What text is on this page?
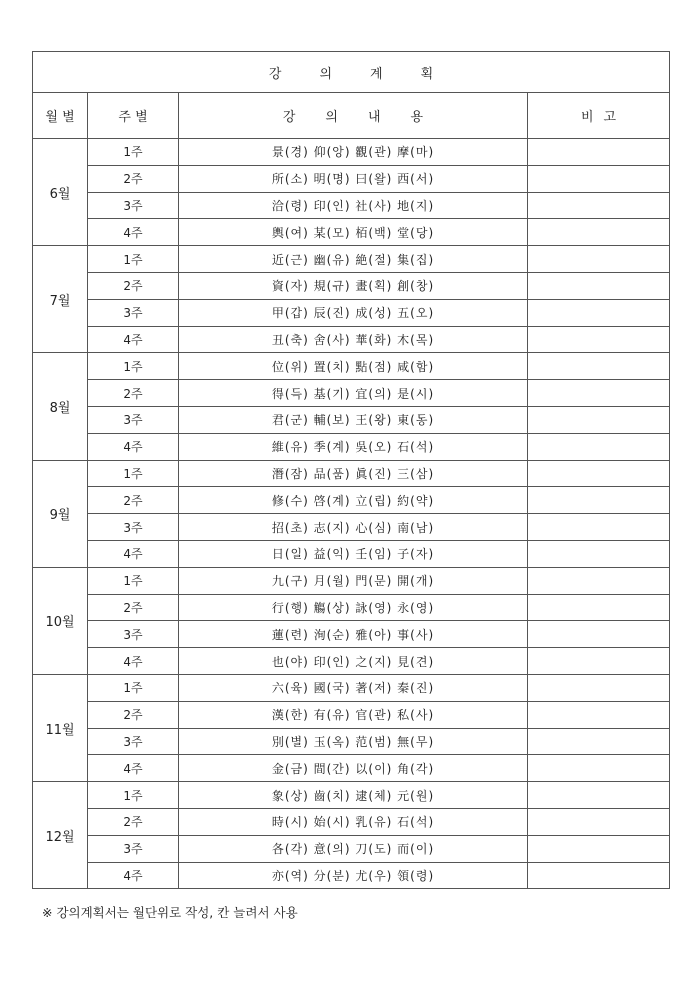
강의계획			
월 별	주 별	강의내용	비고
6월	1주	景(경) 仰(앙) 觀(관) 摩(마)	
	2주	所(소) 明(명) 曰(왈) 西(서)	
	3주	洽(령) 印(인) 社(사) 地(지)	
	4주	輿(여) 某(모) 栢(백) 堂(당)	
7월	1주	近(근) 幽(유) 絶(절) 集(집)	
	2주	資(자) 規(규) 畫(획) 創(창)	
	3주	甲(갑) 辰(진) 成(성) 五(오)	
	4주	丑(축) 舍(사) 華(화) 木(목)	
8월	1주	位(위) 置(치) 點(점) 咸(함)	
	2주	得(득) 基(기) 宜(의) 是(시)	
	3주	君(군) 輔(보) 王(왕) 東(동)	
	4주	維(유) 季(계) 吳(오) 石(석)	
9월	1주	潛(잠) 品(품) 眞(진) 三(삼)	
	2주	修(수) 啓(계) 立(립) 約(약)	
	3주	招(초) 志(지) 心(심) 南(남)	
	4주	日(일) 益(익) 壬(임) 子(자)	
10월	1주	九(구) 月(월) 門(문) 開(개)	
	2주	行(행) 觴(상) 詠(영) 永(영)	
	3주	蓮(련) 洵(순) 雅(아) 事(사)	
	4주	也(야) 印(인) 之(지) 見(견)	
11월	1주	六(육) 國(국) 著(저) 秦(진)	
	2주	漢(한) 有(유) 官(관) 私(사)	
	3주	別(별) 玉(옥) 范(범) 無(무)	
	4주	金(금) 間(간) 以(이) 角(각)	
12월	1주	象(상) 齒(치) 逮(체) 元(원)	
	2주	時(시) 始(시) 乳(유) 石(석)	
	3주	各(각) 意(의) 刀(도) 而(이)	
	4주	亦(역) 分(분) 尤(우) 領(령)	
※ 강의계획서는 월단위로 작성, 칸 늘려서 사용
